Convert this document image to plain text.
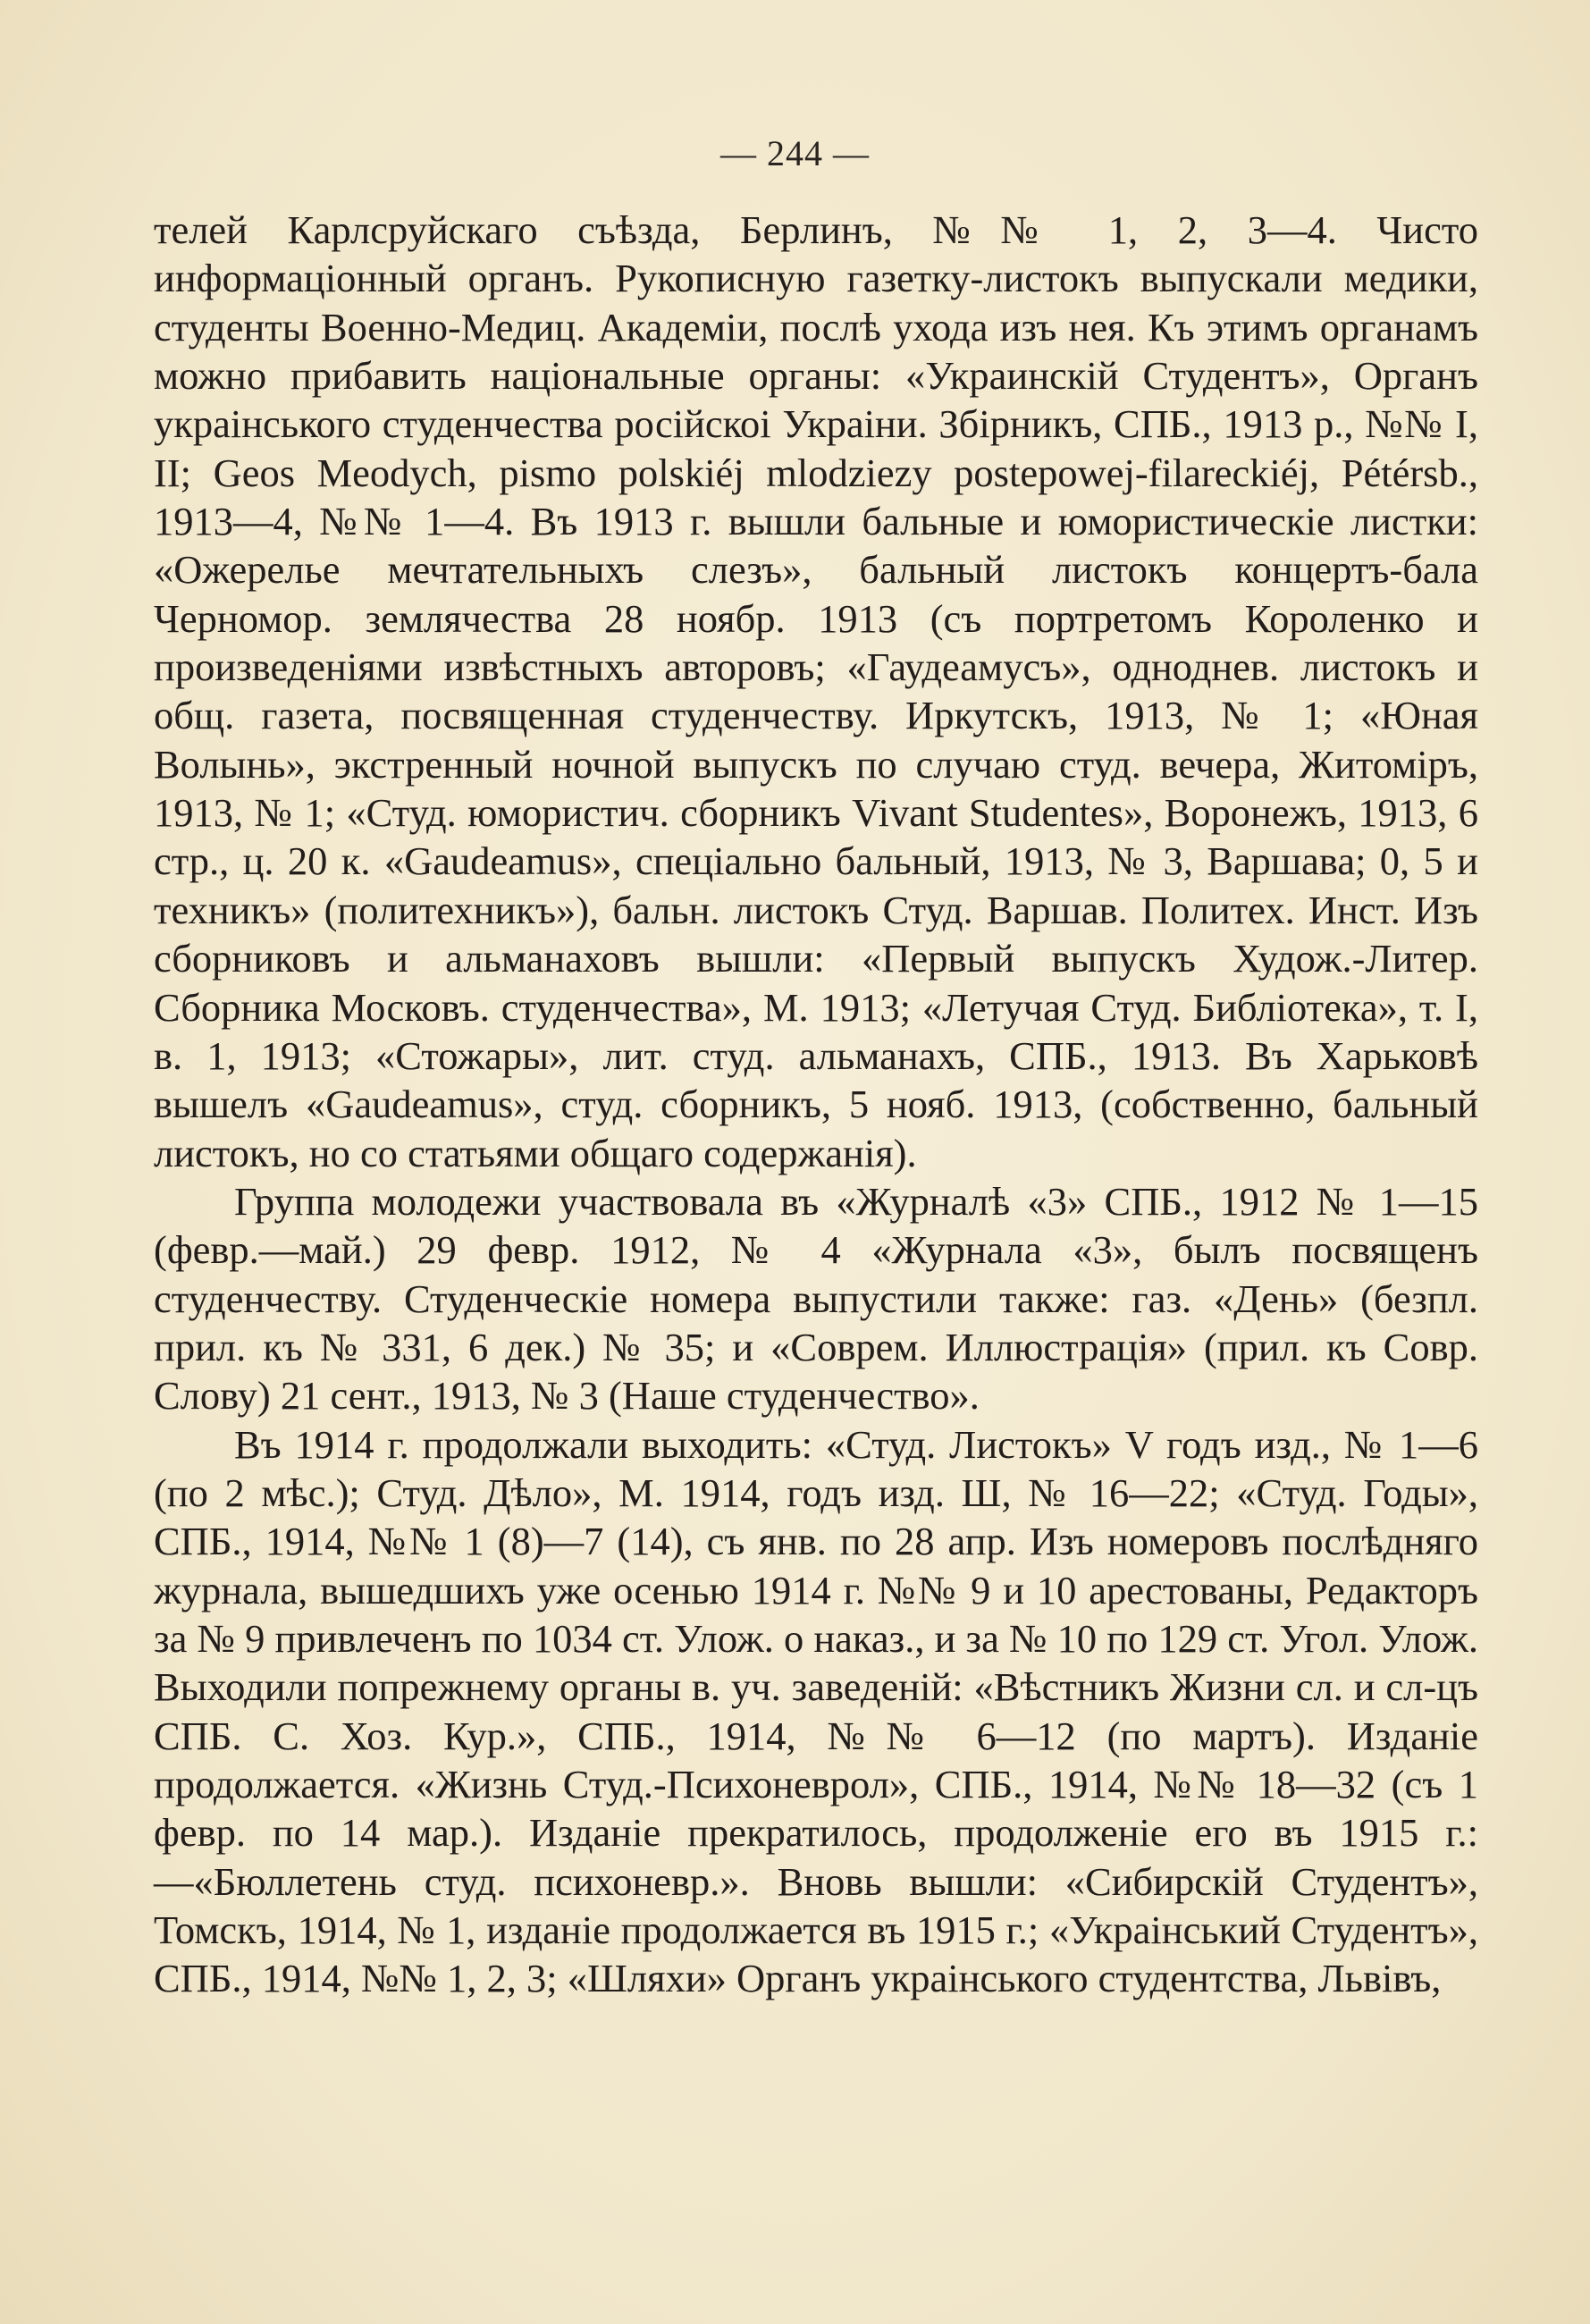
— 244 —

телей Карлсруйскаго съѣзда, Берлинъ, №№ 1, 2, 3—4. Чисто информаціонный органъ. Рукописную газетку-листокъ выпускали медики, студенты Военно-Медиц. Академіи, послѣ ухода изъ нея. Къ этимъ органамъ можно прибавить національные органы: «Украинскій Студентъ», Органъ украінського студенчества російскоі Украіни. Збірникъ, СПБ., 1913 р., №№ I, II; Geos Meodych, pismo polskiéj mlodziezy postepowej-filareckiéj, Pétérsb., 1913—4, №№ 1—4. Въ 1913 г. вышли бальные и юмористическіе листки: «Ожерелье мечтательныхъ слезъ», бальный листокъ концертъ-бала Черномор. землячества 28 ноябр. 1913 (съ портретомъ Короленко и произведеніями извѣстныхъ авторовъ; «Гаудеамусъ», одноднев. листокъ и общ. газета, посвященная студенчеству. Иркутскъ, 1913, № 1; «Юная Волынь», экстренный ночной выпускъ по случаю студ. вечера, Житоміръ, 1913, № 1; «Студ. юмористич. сборникъ Vivant Studentes», Воронежъ, 1913, 6 стр., ц. 20 к. «Gaudeamus», спеціально бальный, 1913, № 3, Варшава; 0, 5 и техникъ» (политехникъ»), бальн. листокъ Студ. Варшав. Политех. Инст. Изъ сборниковъ и альманаховъ вышли: «Первый выпускъ Худож.-Литер. Сборника Московъ. студенчества», М. 1913; «Летучая Студ. Библіотека», т. I, в. 1, 1913; «Стожары», лит. студ. альманахъ, СПБ., 1913. Въ Харьковѣ вышелъ «Gaudeamus», студ. сборникъ, 5 нояб. 1913, (собственно, бальный листокъ, но со статьями общаго содержанія).

Группа молодежи участвовала въ «Журналѣ «3» СПБ., 1912 № 1—15 (февр.—май.) 29 февр. 1912, № 4 «Журнала «3», былъ посвященъ студенчеству. Студенческіе номера выпустили также: газ. «День» (безпл. прил. къ № 331, 6 дек.) № 35; и «Соврем. Иллюстрація» (прил. къ Совр. Слову) 21 сент., 1913, № 3 (Наше студенчество».

Въ 1914 г. продолжали выходить: «Студ. Листокъ» V годъ изд., № 1—6 (по 2 мѣс.); Студ. Дѣло», М. 1914, годъ изд. Ш, № 16—22; «Студ. Годы», СПБ., 1914, №№ 1 (8)—7 (14), съ янв. по 28 апр. Изъ номеровъ послѣдняго журнала, вышедшихъ уже осенью 1914 г. №№ 9 и 10 арестованы, Редакторъ за № 9 привлеченъ по 1034 ст. Улож. о наказ., и за № 10 по 129 ст. Угол. Улож. Выходили попрежнему органы в. уч. заведеній: «Вѣстникъ Жизни сл. и сл-цъ СПБ. С. Хоз. Кур.», СПБ., 1914, №№ 6—12 (по мартъ). Изданіе продолжается. «Жизнь Студ.-Психоневрол», СПБ., 1914, №№ 18—32 (съ 1 февр. по 14 мар.). Изданіе прекратилось, продолженіе его въ 1915 г.:—«Бюллетень студ. психоневр.». Вновь вышли: «Сибирскій Студентъ», Томскъ, 1914, № 1, изданіе продолжается въ 1915 г.; «Украінський Студентъ», СПБ., 1914, №№ 1, 2, 3; «Шляхи» Органъ украінського студентства, Львівъ,
